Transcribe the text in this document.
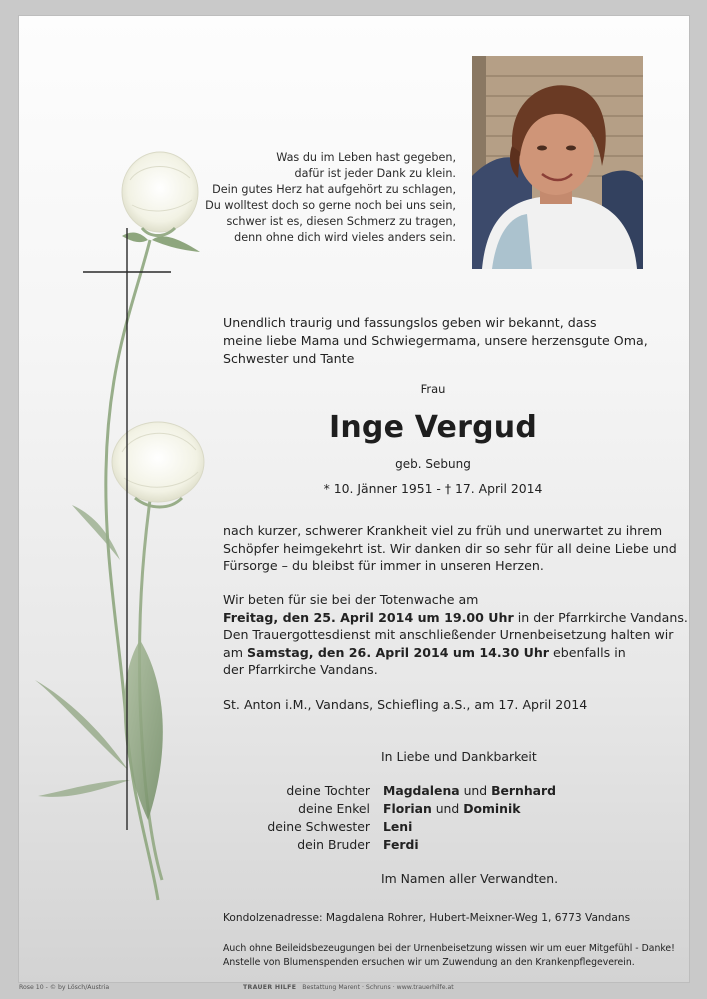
Was du im Leben hast gegeben,
dafür ist jeder Dank zu klein.
Dein gutes Herz hat aufgehört zu schlagen,
Du wolltest doch so gerne noch bei uns sein,
schwer ist es, diesen Schmerz zu tragen,
denn ohne dich wird vieles anders sein.
Unendlich traurig und fassungslos geben wir bekannt, dass
meine liebe Mama und Schwiegermama, unsere herzensgute Oma,
Schwester und Tante
Frau
Inge Vergud
geb. Sebung
* 10. Jänner 1951 - † 17. April 2014
nach kurzer, schwerer Krankheit viel zu früh und unerwartet zu ihrem
Schöpfer heimgekehrt ist. Wir danken dir so sehr für all deine Liebe und
Fürsorge – du bleibst für immer in unseren Herzen.
Wir beten für sie bei der Totenwache am
Freitag, den 25. April 2014 um 19.00 Uhr in der Pfarrkirche Vandans.
Den Trauergottesdienst mit anschließender Urnenbeisetzung halten wir
am Samstag, den 26. April 2014 um 14.30 Uhr ebenfalls in
der Pfarrkirche Vandans.
St. Anton i.M., Vandans, Schiefling a.S., am 17. April 2014
In Liebe und Dankbarkeit
deine Tochter
deine Enkel
deine Schwester
dein Bruder
Magdalena und Bernhard
Florian und Dominik
Leni
Ferdi
Im Namen aller Verwandten.
Kondolzenadresse: Magdalena Rohrer, Hubert-Meixner-Weg 1, 6773 Vandans
Auch ohne Beileidsbezeugungen bei der Urnenbeisetzung wissen wir um euer Mitgefühl - Danke!
Anstelle von Blumenspenden ersuchen wir um Zuwendung an den Krankenpflegeverein.
Rose 10 - © by Lösch/Austria	TRAUER HILFE Bestattung Marent · Schruns · www.trauerhilfe.at
